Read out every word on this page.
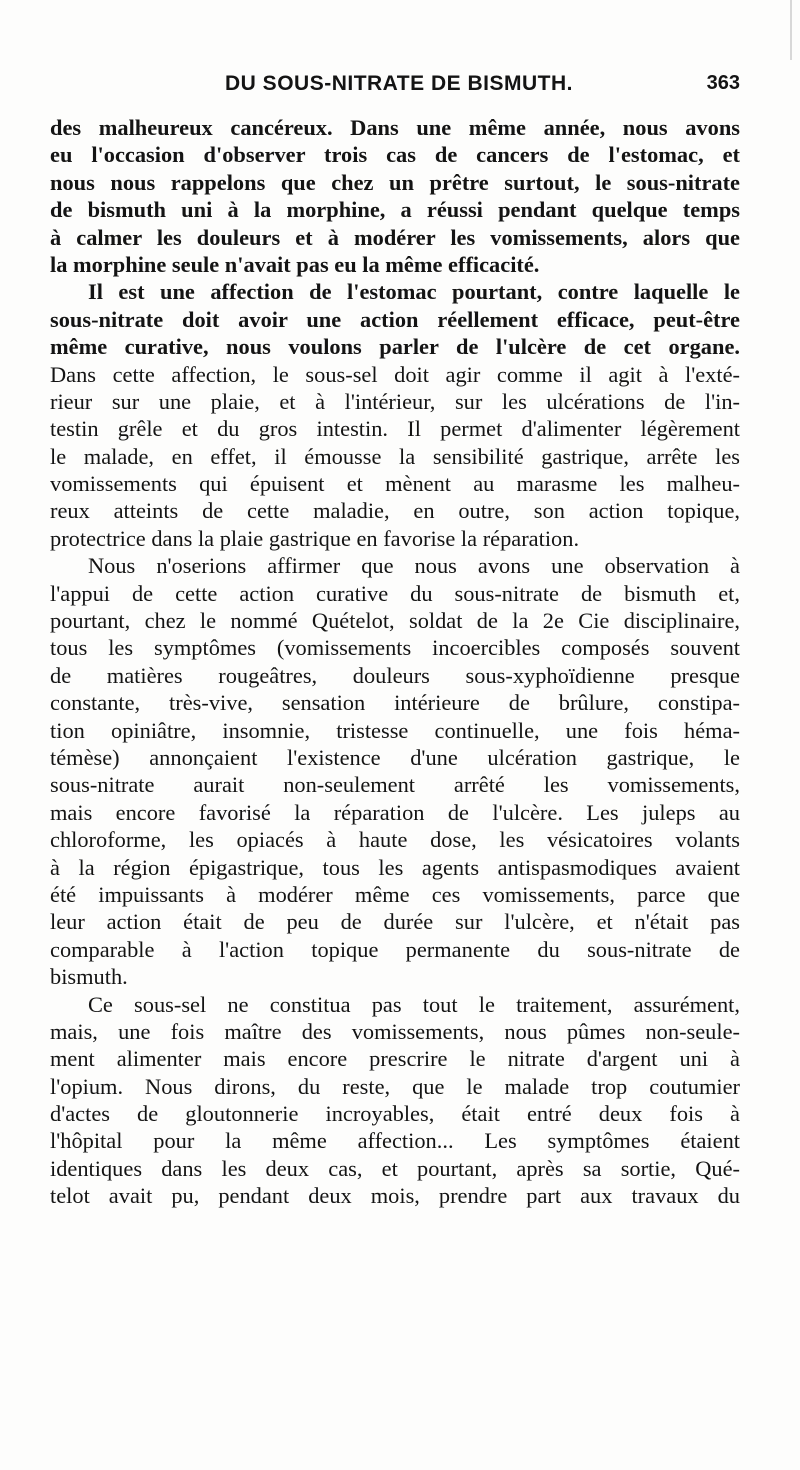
DU SOUS-NITRATE DE BISMUTH.	363
des malheureux cancéreux. Dans une même année, nous avons
eu l'occasion d'observer trois cas de cancers de l'estomac, et
nous nous rappelons que chez un prêtre surtout, le sous-nitrate
de bismuth uni à la morphine, a réussi pendant quelque temps
à calmer les douleurs et à modérer les vomissements, alors que
la morphine seule n'avait pas eu la même efficacité.
Il est une affection de l'estomac pourtant, contre laquelle le
sous-nitrate doit avoir une action réellement efficace, peut-être
même curative, nous voulons parler de l'ulcère de cet organe.
Dans cette affection, le sous-sel doit agir comme il agit à l'exté-
rieur sur une plaie, et à l'intérieur, sur les ulcérations de l'in-
testin grêle et du gros intestin. Il permet d'alimenter légèrement
le malade, en effet, il émousse la sensibilité gastrique, arrête les
vomissements qui épuisent et mènent au marasme les malheu-
reux atteints de cette maladie, en outre, son action topique,
protectrice dans la plaie gastrique en favorise la réparation.
Nous n'oserions affirmer que nous avons une observation à
l'appui de cette action curative du sous-nitrate de bismuth et,
pourtant, chez le nommé Quételot, soldat de la 2e Cie disciplinaire,
tous les symptômes (vomissements incoercibles composés souvent
de matières rougeâtres, douleurs sous-xyphoïdienne presque
constante, très-vive, sensation intérieure de brûlure, constipa-
tion opiniâtre, insomnie, tristesse continuelle, une fois héma-
témèse) annonçaient l'existence d'une ulcération gastrique, le
sous-nitrate aurait non-seulement arrêté les vomissements,
mais encore favorisé la réparation de l'ulcère. Les juleps au
chloroforme, les opiacés à haute dose, les vésicatoires volants
à la région épigastrique, tous les agents antispasmodiques avaient
été impuissants à modérer même ces vomissements, parce que
leur action était de peu de durée sur l'ulcère, et n'était pas
comparable à l'action topique permanente du sous-nitrate de
bismuth.
Ce sous-sel ne constitua pas tout le traitement, assurément,
mais, une fois maître des vomissements, nous pûmes non-seule-
ment alimenter mais encore prescrire le nitrate d'argent uni à
l'opium. Nous dirons, du reste, que le malade trop coutumier
d'actes de gloutonnerie incroyables, était entré deux fois à
l'hôpital pour la même affection... Les symptômes étaient
identiques dans les deux cas, et pourtant, après sa sortie, Qué-
telot avait pu, pendant deux mois, prendre part aux travaux du
